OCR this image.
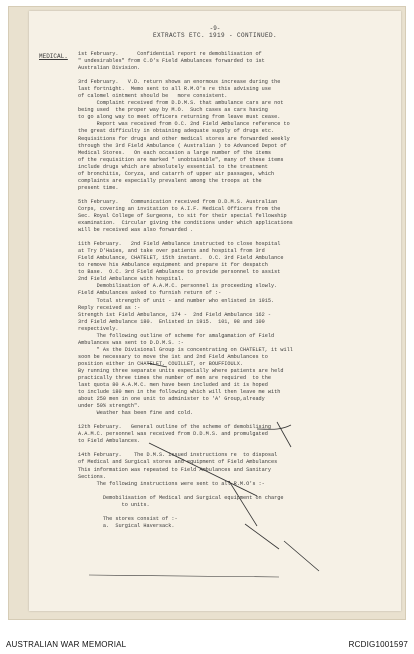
-9-
EXTRACTS ETC. 1919 - CONTINUED.
MEDICAL. 1st February.      Confidential report re demobilisation of
" undesirables" from C.O's Field Ambulances forwarded to 1st
Australian Division.
3rd February.   V.D. return shows an enormous increase during the
last fortnight.  Memo sent to all R.M.O's re this advising use
of calomel ointment should be   more consistent.
Complaint received from D.D.M.S. that ambulance cars are not
being used  the proper way by M.O.  Such cases as cars having
to go along way to meet officers returning from leave must cease.
Report was received from O.C. 2nd Field Ambulance reference to
the great difficulty in obtaining adequate supply of drugs etc.
Requisitions for drugs and other medical stores are forwarded weekly
through the 3rd Field Ambulance ( Australian ) to Advanced Depot of
Medical Stores.   On each occasion a large number of the items
of the requisition are marked " unobtainable", many of these items
include drugs which are absolutely essential to the treatment
of bronchitis, Coryza, and catarrh of upper air passages, which
complaints are especially prevalent among the troops at the
present time.
5th February.    Communication received from D.D.M.S. Australian
Corps, covering an invitation to A.I.F. Medical Officers from the
Sec. Royal College of Surgeons, to sit for their special fellowship
examination.  Circular giving the conditions under which applications
will be received was also forwarded .
11th February.   2nd Field Ambulance instructed to close hospital
at Try D'Haies, and take over patients and hospital from 3rd
Field Ambulance, CHATELET, 15th instant.  O.C. 3rd Field Ambulance
to remove his Ambulance equipment and prepare it for despatch
to Base.  O.C. 3rd Field Ambulance to provide personnel to assist
2nd Field Ambulance with hospital.
Demobilisation of A.A.M.C. personnel is proceeding slowly.
Field Ambulances asked to furnish return of :-
Total strength of unit - and number who enlisted in 1915.
Reply received as :-
Strength 1st Field Ambulance, 174 -  2nd Field Ambulance 162 -
3rd Field Ambulance 180.  Enlisted in 1915.  101, 98 and 100
respectively.
The following outline of scheme for amalgamation of Field
Ambulances was sent to D.D.M.S. :-
" As the Divisional Group is concentrating on CHATELET, it will
soon be necessary to move the 1st and 2nd Field Ambulances to
position either in CHATELET, COUILLET, or BOUFFIOULX.
By running three separate units especially where patients are held
practically three times the number of men are required  to the
last quota 80 A.A.M.C. men have been included and it is hoped
to include 180 men in the following which will then leave me with
about 250 men in one unit to administer to 'A' Group,already
under 50% strength".
Weather has been fine and cold.
12th February.   General outline of the scheme of demobilising
A.A.M.C. personnel was received from D.D.M.S. and promulgated
to Field Ambulances.
14th February.    The D.M.S. issued instructions re  to disposal
of Medical and Surgical stores and equipment of Field Ambulances
This information was repeated to Field Ambulances and Sanitary
Sections.
The following instructions were sent to all R.M.O's :-
Demobilisation of Medical and Surgical equipment on charge
to units.
The stores consist of :-
a.  Surgical Haversack.
AUSTRALIAN WAR MEMORIAL	RCDIG1001597
